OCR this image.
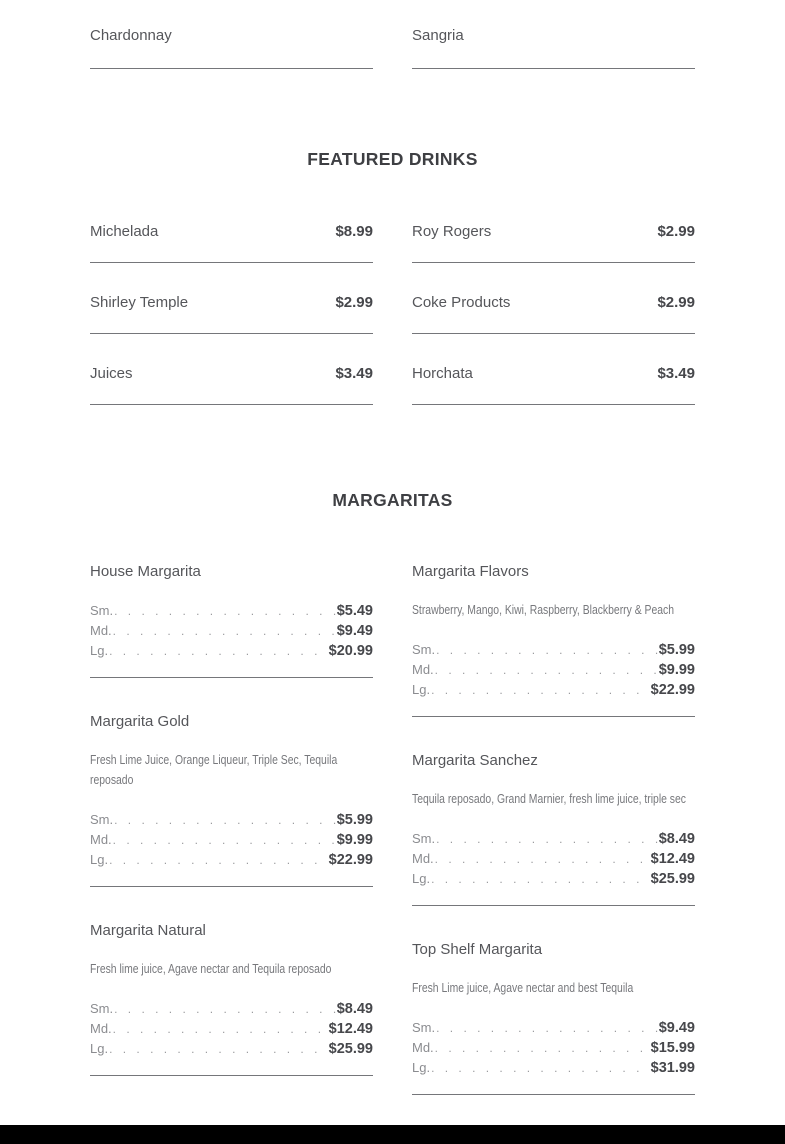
Chardonnay	Sangria
FEATURED DRINKS
Michelada	$8.99
Shirley Temple	$2.99
Juices	$3.49
Roy Rogers	$2.99
Coke Products	$2.99
Horchata	$3.49
MARGARITAS
House Margarita
Sm. . . .	$5.49
Md. . . .	$9.49
Lg. . . .	$20.99
Margarita Gold
Fresh Lime Juice, Orange Liqueur, Triple Sec, Tequila reposado
Sm. . . .	$5.99
Md. . . .	$9.99
Lg. . . .	$22.99
Margarita Natural
Fresh lime juice, Agave nectar and Tequila reposado
Sm. . . .	$8.49
Md. . . .	$12.49
Lg. . . .	$25.99
Margarita Flavors
Strawberry, Mango, Kiwi, Raspberry, Blackberry & Peach
Sm. . . .	$5.99
Md. . . .	$9.99
Lg. . . .	$22.99
Margarita Sanchez
Tequila reposado, Grand Marnier, fresh lime juice, triple sec
Sm. . . .	$8.49
Md. . . .	$12.49
Lg. . . .	$25.99
Top Shelf Margarita
Fresh Lime juice, Agave nectar and best Tequila
Sm. . . .	$9.49
Md. . . .	$15.99
Lg. . . .	$31.99
